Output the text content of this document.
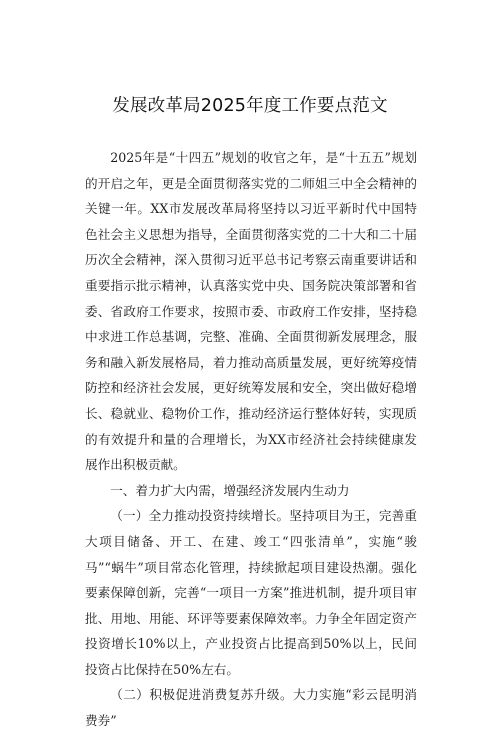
发展改革局2025年度工作要点范文

2025年是“十四五”规划的收官之年，是“十五五”规划的开启之年，更是全面贯彻落实党的二师姐三中全会精神的关键一年。XX市发展改革局将坚持以习近平新时代中国特色社会主义思想为指导，全面贯彻落实党的二十大和二十届历次全会精神，深入贯彻习近平总书记考察云南重要讲话和重要指示批示精神，认真落实党中央、国务院决策部署和省委、省政府工作要求，按照市委、市政府工作安排，坚持稳中求进工作总基调，完整、准确、全面贯彻新发展理念，服务和融入新发展格局，着力推动高质量发展，更好统筹疫情防控和经济社会发展，更好统筹发展和安全，突出做好稳增长、稳就业、稳物价工作，推动经济运行整体好转，实现质的有效提升和量的合理增长，为XX市经济社会持续健康发展作出积极贡献。

一、着力扩大内需，增强经济发展内生动力

（一）全力推动投资持续增长。坚持项目为王，完善重大项目储备、开工、在建、竣工“四张清单”，实施“骏马”“蜗牛”项目常态化管理，持续掀起项目建设热潮。强化要素保障创新，完善“一项目一方案”推进机制，提升项目审批、用地、用能、环评等要素保障效率。力争全年固定资产投资增长10%以上，产业投资占比提高到50%以上，民间投资占比保持在50%左右。

（二）积极促进消费复苏升级。大力实施“彩云昆明消费券”
